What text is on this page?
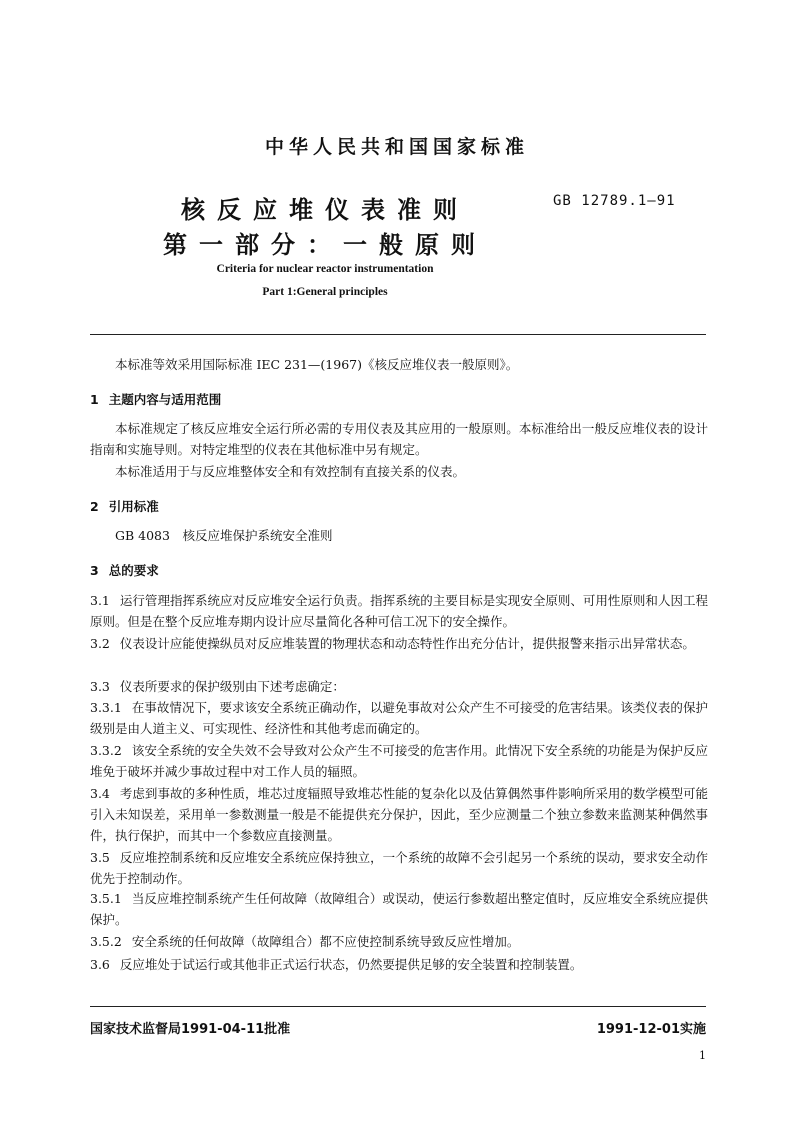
中华人民共和国国家标准
核反应堆仪表准则
第一部分：一般原则
GB 12789.1—91
Criteria for nuclear reactor instrumentation
Part 1:General principles
本标准等效采用国际标准 IEC 231—(1967)《核反应堆仪表一般原则》。
1 主题内容与适用范围
本标准规定了核反应堆安全运行所必需的专用仪表及其应用的一般原则。本标准给出一般反应堆仪表的设计指南和实施导则。对特定堆型的仪表在其他标准中另有规定。
本标准适用于与反应堆整体安全和有效控制有直接关系的仪表。
2 引用标准
GB 4083　核反应堆保护系统安全准则
3 总的要求
3.1 运行管理指挥系统应对反应堆安全运行负责。指挥系统的主要目标是实现安全原则、可用性原则和人因工程原则。但是在整个反应堆寿期内设计应尽量简化各种可信工况下的安全操作。
3.2 仪表设计应能使操纵员对反应堆装置的物理状态和动态特性作出充分估计，提供报警来指示出异常状态。
3.3 仪表所要求的保护级别由下述考虑确定：
3.3.1 在事故情况下，要求该安全系统正确动作，以避免事故对公众产生不可接受的危害结果。该类仪表的保护级别是由人道主义、可实现性、经济性和其他考虑而确定的。
3.3.2 该安全系统的安全失效不会导致对公众产生不可接受的危害作用。此情况下安全系统的功能是为保护反应堆免于破坏并减少事故过程中对工作人员的辐照。
3.4 考虑到事故的多种性质，堆芯过度辐照导致堆芯性能的复杂化以及估算偶然事件影响所采用的数学模型可能引入未知误差，采用单一参数测量一般是不能提供充分保护，因此，至少应测量二个独立参数来监测某种偶然事件，执行保护，而其中一个参数应直接测量。
3.5 反应堆控制系统和反应堆安全系统应保持独立，一个系统的故障不会引起另一个系统的误动，要求安全动作优先于控制动作。
3.5.1 当反应堆控制系统产生任何故障（故障组合）或误动，使运行参数超出整定值时，反应堆安全系统应提供保护。
3.5.2 安全系统的任何故障（故障组合）都不应使控制系统导致反应性增加。
3.6 反应堆处于试运行或其他非正式运行状态，仍然要提供足够的安全装置和控制装置。
国家技术监督局1991-04-11批准	1991-12-01实施
1
